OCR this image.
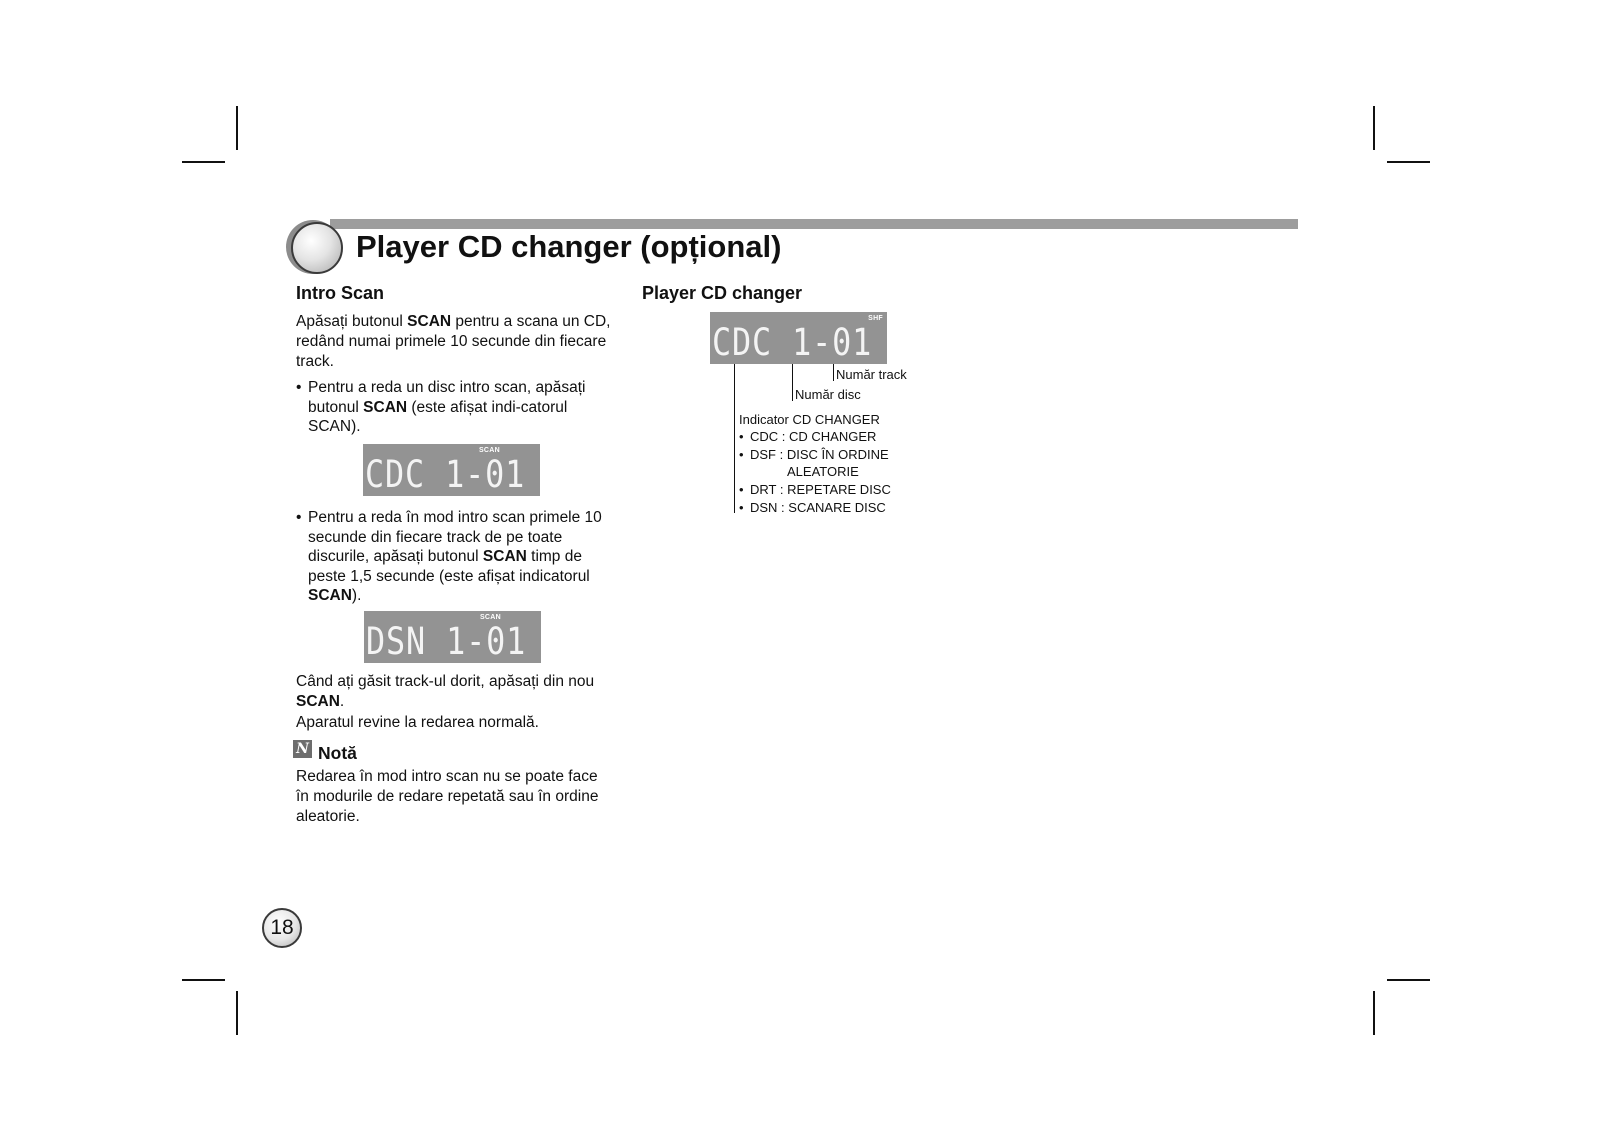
Player CD changer (opțional)
Intro Scan

Apăsați butonul SCAN pentru a scana un CD, redând numai primele 10 secunde din fiecare track.

• Pentru a reda un disc intro scan, apăsați butonul SCAN (este afișat indi-catorul SCAN).
SCAN
CDC 1-01
• Pentru a reda în mod intro scan primele 10 secunde din fiecare track de pe toate discurile, apăsați butonul SCAN timp de peste 1,5 secunde (este afișat indicatorul SCAN).
SCAN
DSN 1-01

Când ați găsit track-ul dorit, apăsați din nou SCAN.

Aparatul revine la redarea normală.

N Notă

Redarea în mod intro scan nu se poate face în modurile de redare repetată sau în ordine aleatorie.

Player CD changer
SHF
CDC 1-01
Număr track
Număr disc
Indicator CD CHANGER
• CDC : CD CHANGER
• DSF : DISC ÎN ORDINE
ALEATORIE
• DRT : REPETARE DISC
• DSN : SCANARE DISC
18
